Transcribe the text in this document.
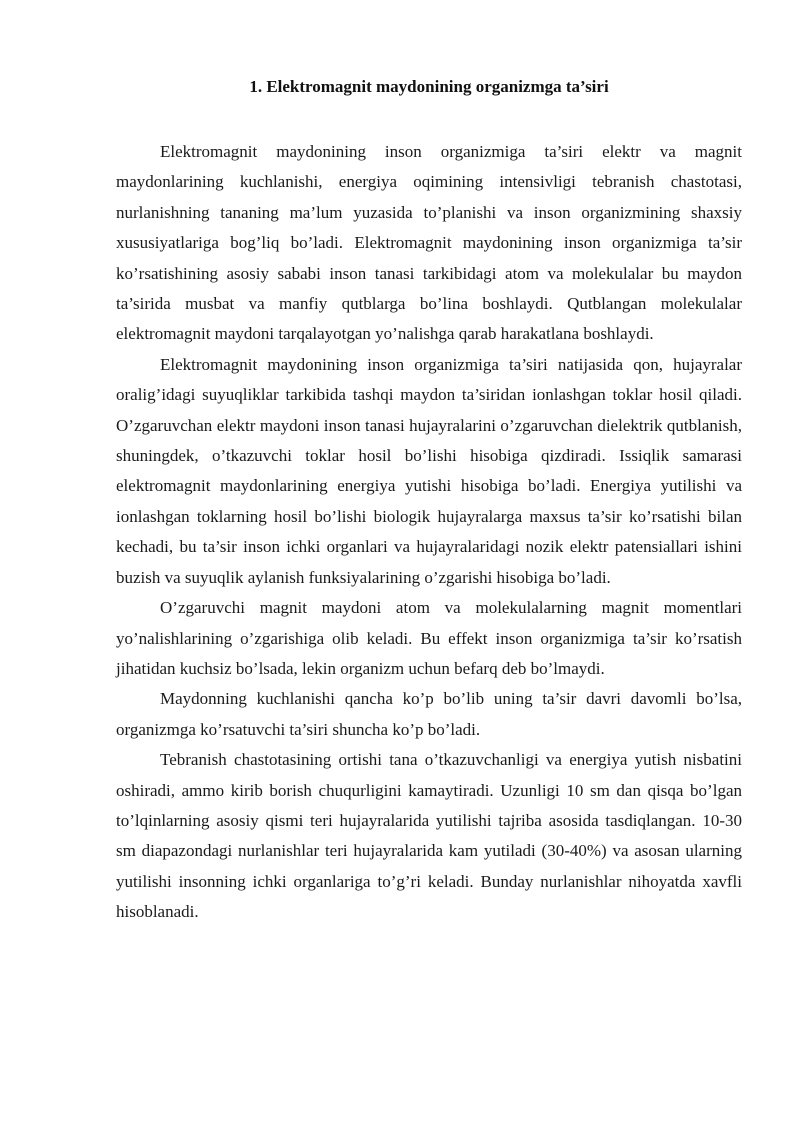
1. Elektromagnit maydonining organizmga ta’siri

Elektromagnit maydonining inson organizmiga ta’siri elektr va magnit maydonlarining kuchlanishi, energiya oqimining intensivligi tebranish chastotasi, nurlanishning tananing ma’lum yuzasida to’planishi va inson organizmining shaxsiy xususiyatlariga bog’liq bo’ladi. Elektromagnit maydonining inson organizmiga ta’sir ko’rsatishining asosiy sababi inson tanasi tarkibidagi atom va molekulalar bu maydon ta’sirida musbat va manfiy qutblarga bo’lina boshlaydi. Qutblangan molekulalar elektromagnit maydoni tarqalayotgan yo’nalishga qarab harakatlana boshlaydi.

Elektromagnit maydonining inson organizmiga ta’siri natijasida qon, hujayralar oralig’idagi suyuqliklar tarkibida tashqi maydon ta’siridan ionlashgan toklar hosil qiladi. O’zgaruvchan elektr maydoni inson tanasi hujayralarini o’zgaruvchan dielektrik qutblanish, shuningdek, o’tkazuvchi toklar hosil bo’lishi hisobiga qizdiradi. Issiqlik samarasi elektromagnit maydonlarining energiya yutishi hisobiga bo’ladi. Energiya yutilishi va ionlashgan toklarning hosil bo’lishi biologik hujayralarga maxsus ta’sir ko’rsatishi bilan kechadi, bu ta’sir inson ichki organlari va hujayralaridagi nozik elektr patensiallari ishini buzish va suyuqlik aylanish funksiyalarining o’zgarishi hisobiga bo’ladi.

O’zgaruvchi magnit maydoni atom va molekulalarning magnit momentlari yo’nalishlarining o’zgarishiga olib keladi. Bu effekt inson organizmiga ta’sir ko’rsatish jihatidan kuchsiz bo’lsada, lekin organizm uchun befarq deb bo’lmaydi.

Maydonning kuchlanishi qancha ko’p bo’lib uning ta’sir davri davomli bo’lsa, organizmga ko’rsatuvchi ta’siri shuncha ko’p bo’ladi.

Tebranish chastotasining ortishi tana o’tkazuvchanligi va energiya yutish nisbatini oshiradi, ammo kirib borish chuqurligini kamaytiradi. Uzunligi 10 sm dan qisqa bo’lgan to’lqinlarning asosiy qismi teri hujayralarida yutilishi tajriba asosida tasdiqlangan. 10-30 sm diapazondagi nurlanishlar teri hujayralarida kam yutiladi (30-40%) va asosan ularning yutilishi insonning ichki organlariga to’g’ri keladi. Bunday nurlanishlar nihoyatda xavfli hisoblanadi.
